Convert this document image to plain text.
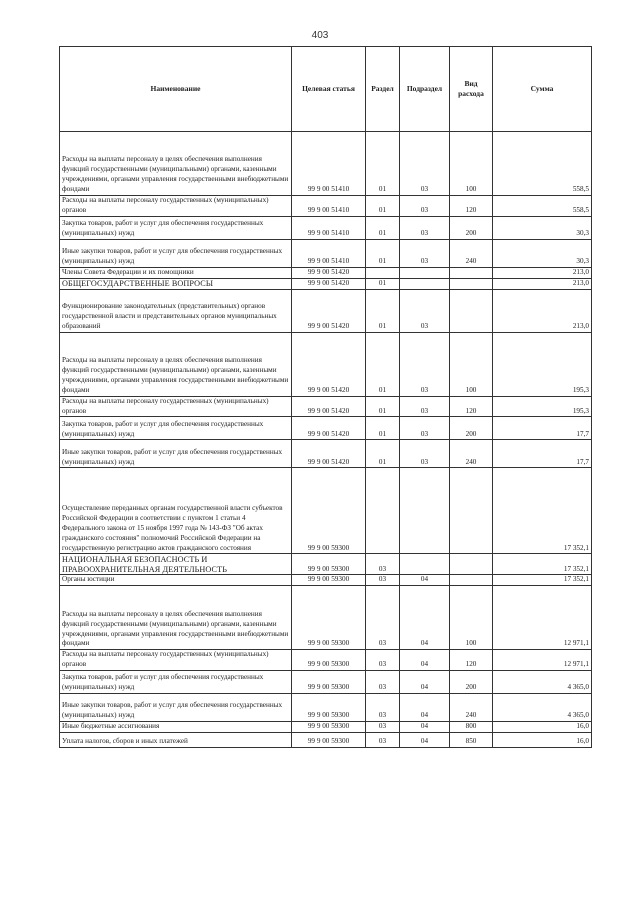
403
Наименование	Целевая статья	Раздел	Подраздел	Вид расхода	Сумма
Расходы на выплаты персоналу в целях обеспечения выполнения функций государственными (муниципальными) органами, казенными учреждениями, органами управления государственными внебюджетными фондами	99 9 00 51410	01	03	100	558,5
Расходы на выплаты персоналу государственных (муниципальных) органов	99 9 00 51410	01	03	120	558,5
Закупка товаров, работ и услуг для обеспечения государственных (муниципальных) нужд	99 9 00 51410	01	03	200	30,3
Иные закупки товаров, работ и услуг для обеспечения государственных (муниципальных) нужд	99 9 00 51410	01	03	240	30,3
Члены Совета Федерации и их помощники	99 9 00 51420				213,0
ОБЩЕГОСУДАРСТВЕННЫЕ ВОПРОСЫ	99 9 00 51420	01			213,0
Функционирование законодательных (представительных) органов государственной власти и представительных органов муниципальных образований	99 9 00 51420	01	03		213,0
Расходы на выплаты персоналу в целях обеспечения выполнения функций государственными (муниципальными) органами, казенными учреждениями, органами управления государственными внебюджетными фондами	99 9 00 51420	01	03	100	195,3
Расходы на выплаты персоналу государственных (муниципальных) органов	99 9 00 51420	01	03	120	195,3
Закупка товаров, работ и услуг для обеспечения государственных (муниципальных) нужд	99 9 00 51420	01	03	200	17,7
Иные закупки товаров, работ и услуг для обеспечения государственных (муниципальных) нужд	99 9 00 51420	01	03	240	17,7
Осуществление переданных органам государственной власти субъектов Российской Федерации в соответствии с пунктом 1 статьи 4 Федерального закона от 15 ноября 1997 года № 143-ФЗ "Об актах гражданского состояния" полномочий Российской Федерации на государственную регистрацию актов гражданского состояния	99 9 00 59300				17 352,1
НАЦИОНАЛЬНАЯ БЕЗОПАСНОСТЬ И ПРАВООХРАНИТЕЛЬНАЯ ДЕЯТЕЛЬНОСТЬ	99 9 00 59300	03			17 352,1
Органы юстиции	99 9 00 59300	03	04		17 352,1
Расходы на выплаты персоналу в целях обеспечения выполнения функций государственными (муниципальными) органами, казенными учреждениями, органами управления государственными внебюджетными фондами	99 9 00 59300	03	04	100	12 971,1
Расходы на выплаты персоналу государственных (муниципальных) органов	99 9 00 59300	03	04	120	12 971,1
Закупка товаров, работ и услуг для обеспечения государственных (муниципальных) нужд	99 9 00 59300	03	04	200	4 365,0
Иные закупки товаров, работ и услуг для обеспечения государственных (муниципальных) нужд	99 9 00 59300	03	04	240	4 365,0
Иные бюджетные ассигнования	99 9 00 59300	03	04	800	16,0
Уплата налогов, сборов и иных платежей	99 9 00 59300	03	04	850	16,0
